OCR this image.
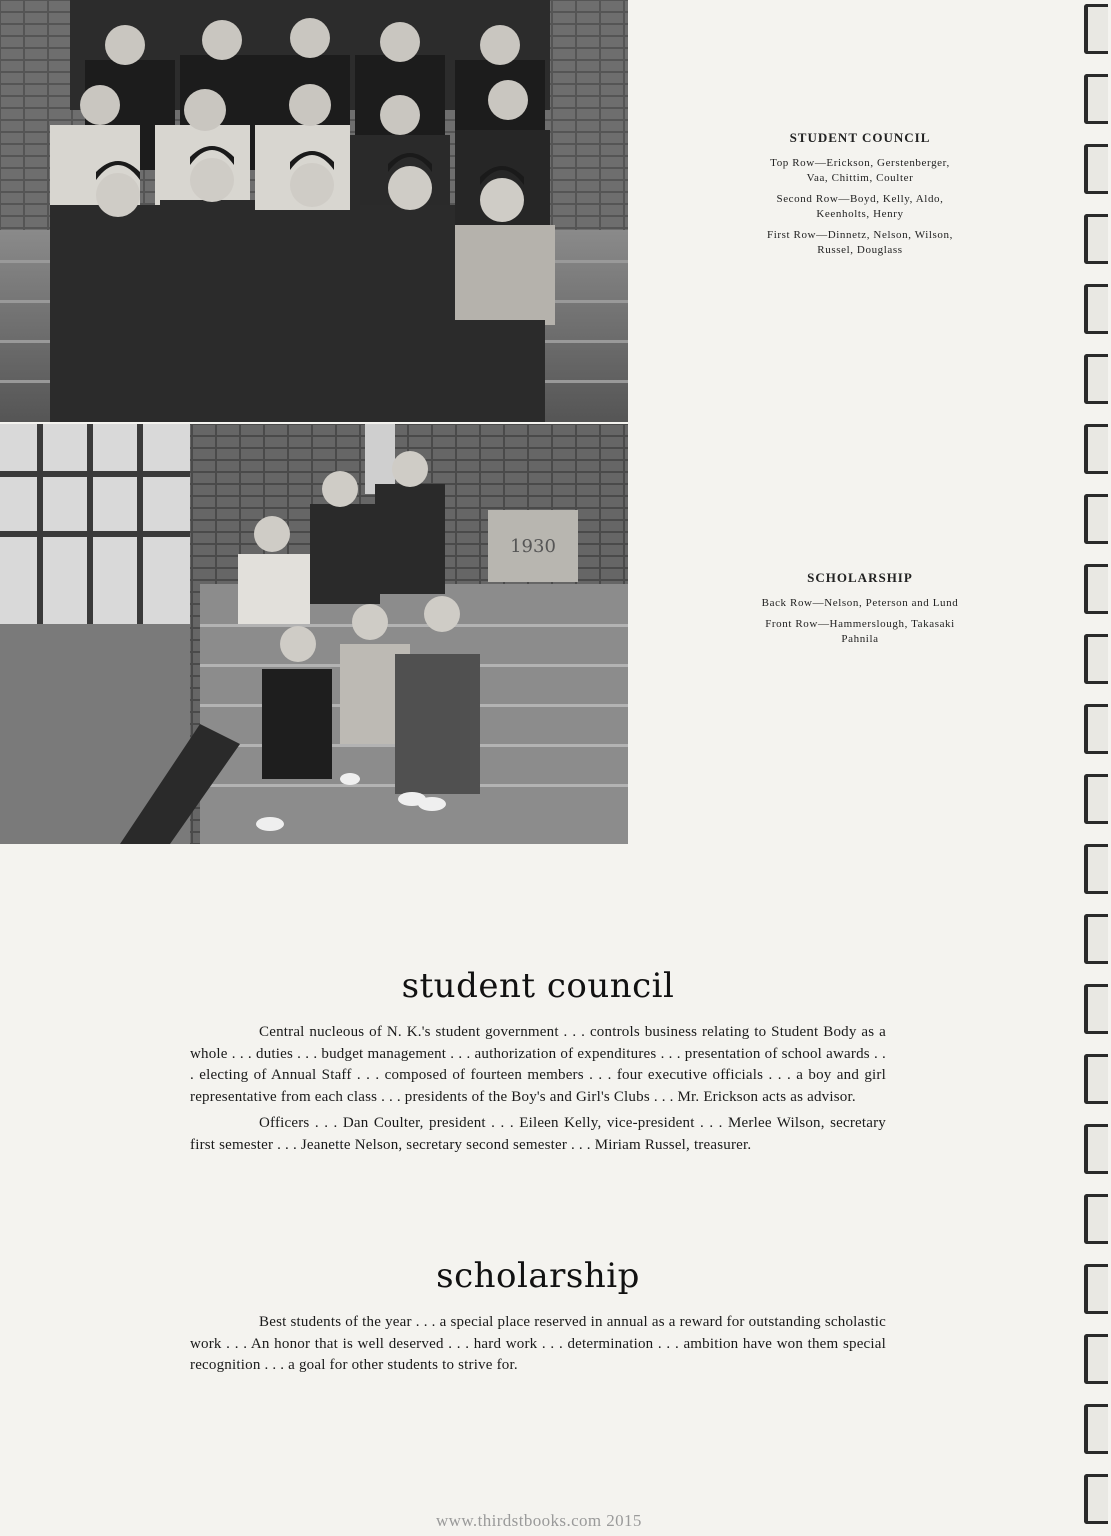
1930
STUDENT COUNCIL
Top Row—Erickson, Gerstenberger,
Vaa, Chittim, Coulter
Second Row—Boyd, Kelly, Aldo,
Keenholts, Henry
First Row—Dinnetz, Nelson, Wilson,
Russel, Douglass
SCHOLARSHIP
Back Row—Nelson, Peterson and Lund
Front Row—Hammerslough, Takasaki
Pahnila
student council

Central nucleous of N. K.'s student government . . . controls business relating to Student Body as a whole . . . duties . . . budget management . . . authorization of expenditures . . . presentation of school awards . . . electing of Annual Staff . . . composed of fourteen members . . . four executive officials . . . a boy and girl representative from each class . . . presidents of the Boy's and Girl's Clubs . . . Mr. Erickson acts as advisor.

Officers . . . Dan Coulter, president . . . Eileen Kelly, vice-president . . . Merlee Wilson, secretary first semester . . . Jeanette Nelson, secretary second semester . . . Miriam Russel, treasurer.

scholarship

Best students of the year . . . a special place reserved in annual as a reward for outstanding scholastic work . . . An honor that is well deserved . . . hard work . . . determination . . . ambition have won them special recognition . . . a goal for other students to strive for.

www.thirdstbooks.com 2015
